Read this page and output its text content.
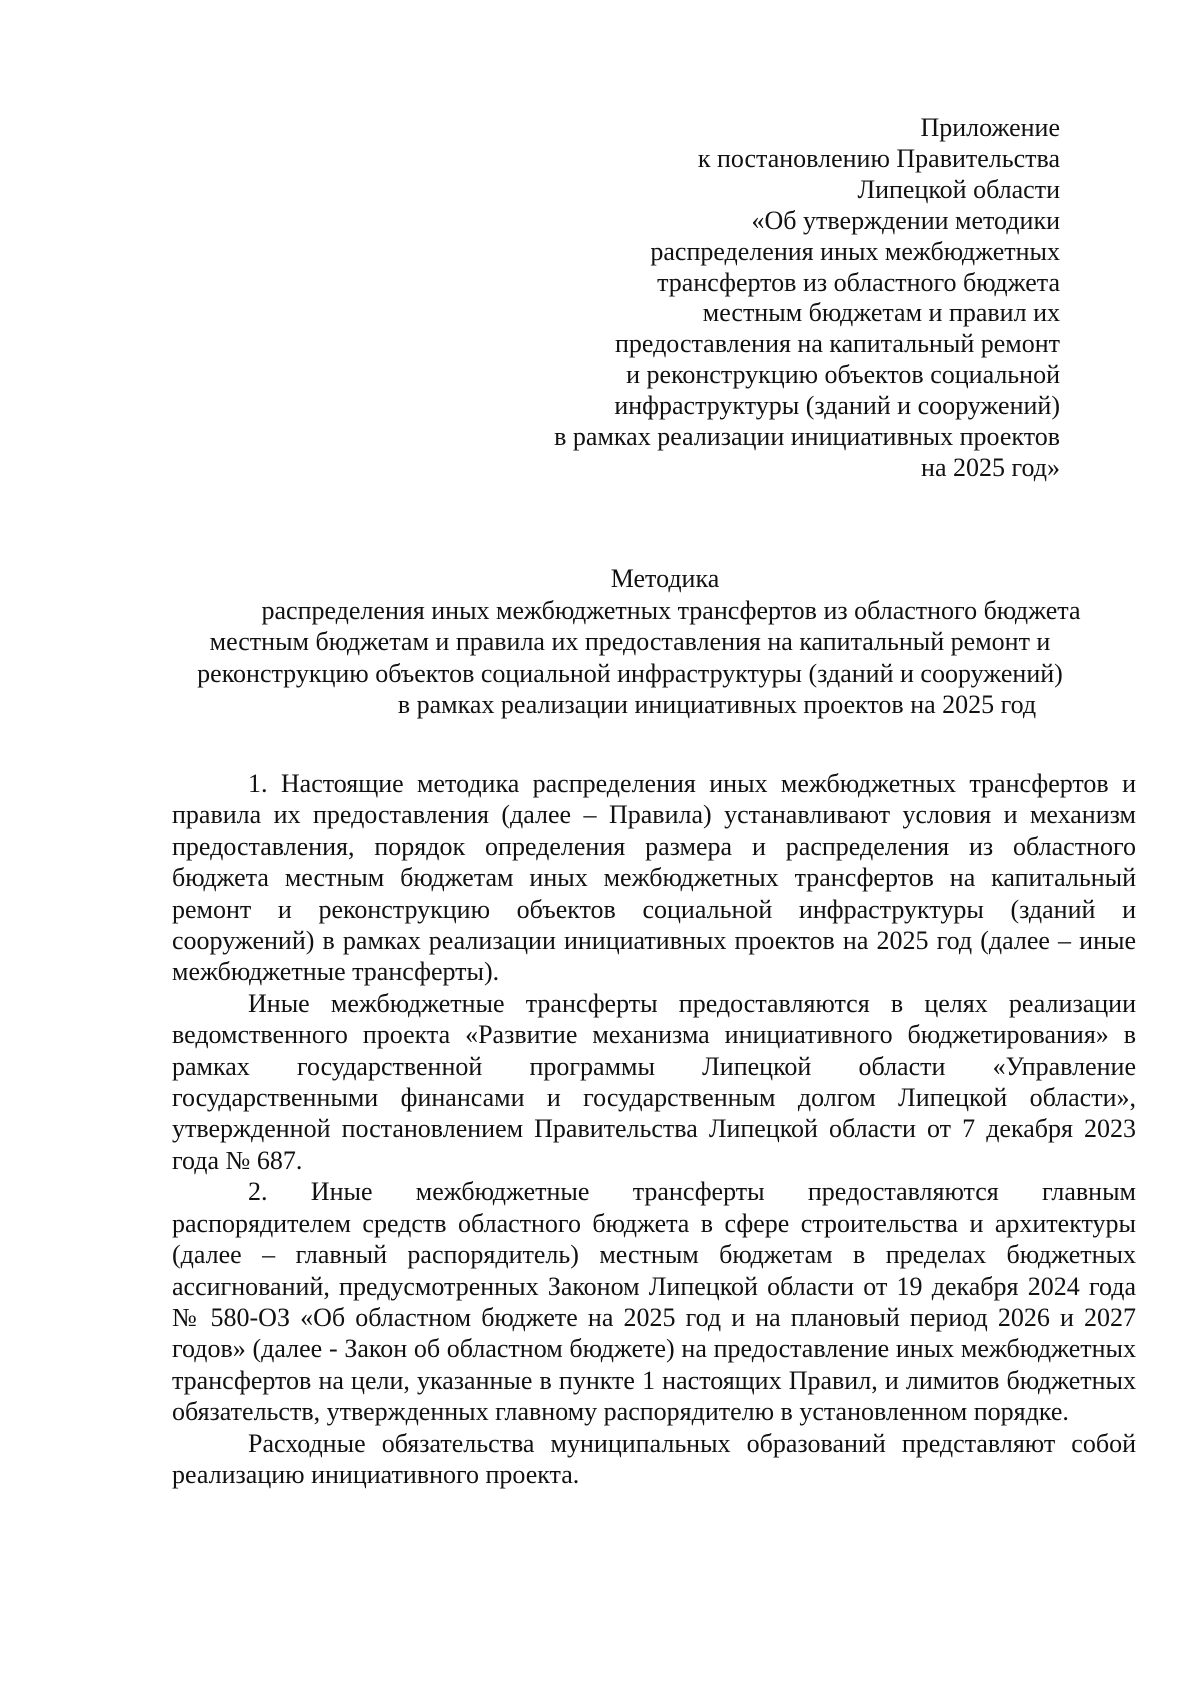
Приложение
к постановлению Правительства
Липецкой области
«Об утверждении методики
распределения иных межбюджетных
трансфертов из областного бюджета
местным бюджетам и правил их
предоставления на капитальный ремонт
и реконструкцию объектов социальной
инфраструктуры (зданий и сооружений)
в рамках реализации инициативных проектов
на 2025 год»
Методика
распределения иных межбюджетных трансфертов из областного бюджета
местным бюджетам и правила их предоставления на капитальный ремонт и
реконструкцию объектов социальной инфраструктуры (зданий и сооружений)
в рамках реализации инициативных проектов на 2025 год

1. Настоящие методика распределения иных межбюджетных трансфертов и правила их предоставления (далее – Правила) устанавливают условия и механизм предоставления, порядок определения размера и распределения из областного бюджета местным бюджетам иных межбюджетных трансфертов на капитальный ремонт и реконструкцию объектов социальной инфраструктуры (зданий и сооружений) в рамках реализации инициативных проектов на 2025 год (далее – иные межбюджетные трансферты).

Иные межбюджетные трансферты предоставляются в целях реализации ведомственного проекта «Развитие механизма инициативного бюджетирования» в рамках государственной программы Липецкой области «Управление государственными финансами и государственным долгом Липецкой области», утвержденной постановлением Правительства Липецкой области от 7 декабря 2023 года № 687.

2. Иные межбюджетные трансферты предоставляются главным распорядителем средств областного бюджета в сфере строительства и архитектуры (далее – главный распорядитель) местным бюджетам в пределах бюджетных ассигнований, предусмотренных Законом Липецкой области от 19 декабря 2024 года № 580-ОЗ «Об областном бюджете на 2025 год и на плановый период 2026 и 2027 годов» (далее - Закон об областном бюджете) на предоставление иных межбюджетных трансфертов на цели, указанные в пункте 1 настоящих Правил, и лимитов бюджетных обязательств, утвержденных главному распорядителю в установленном порядке.

Расходные обязательства муниципальных образований представляют собой реализацию инициативного проекта.
